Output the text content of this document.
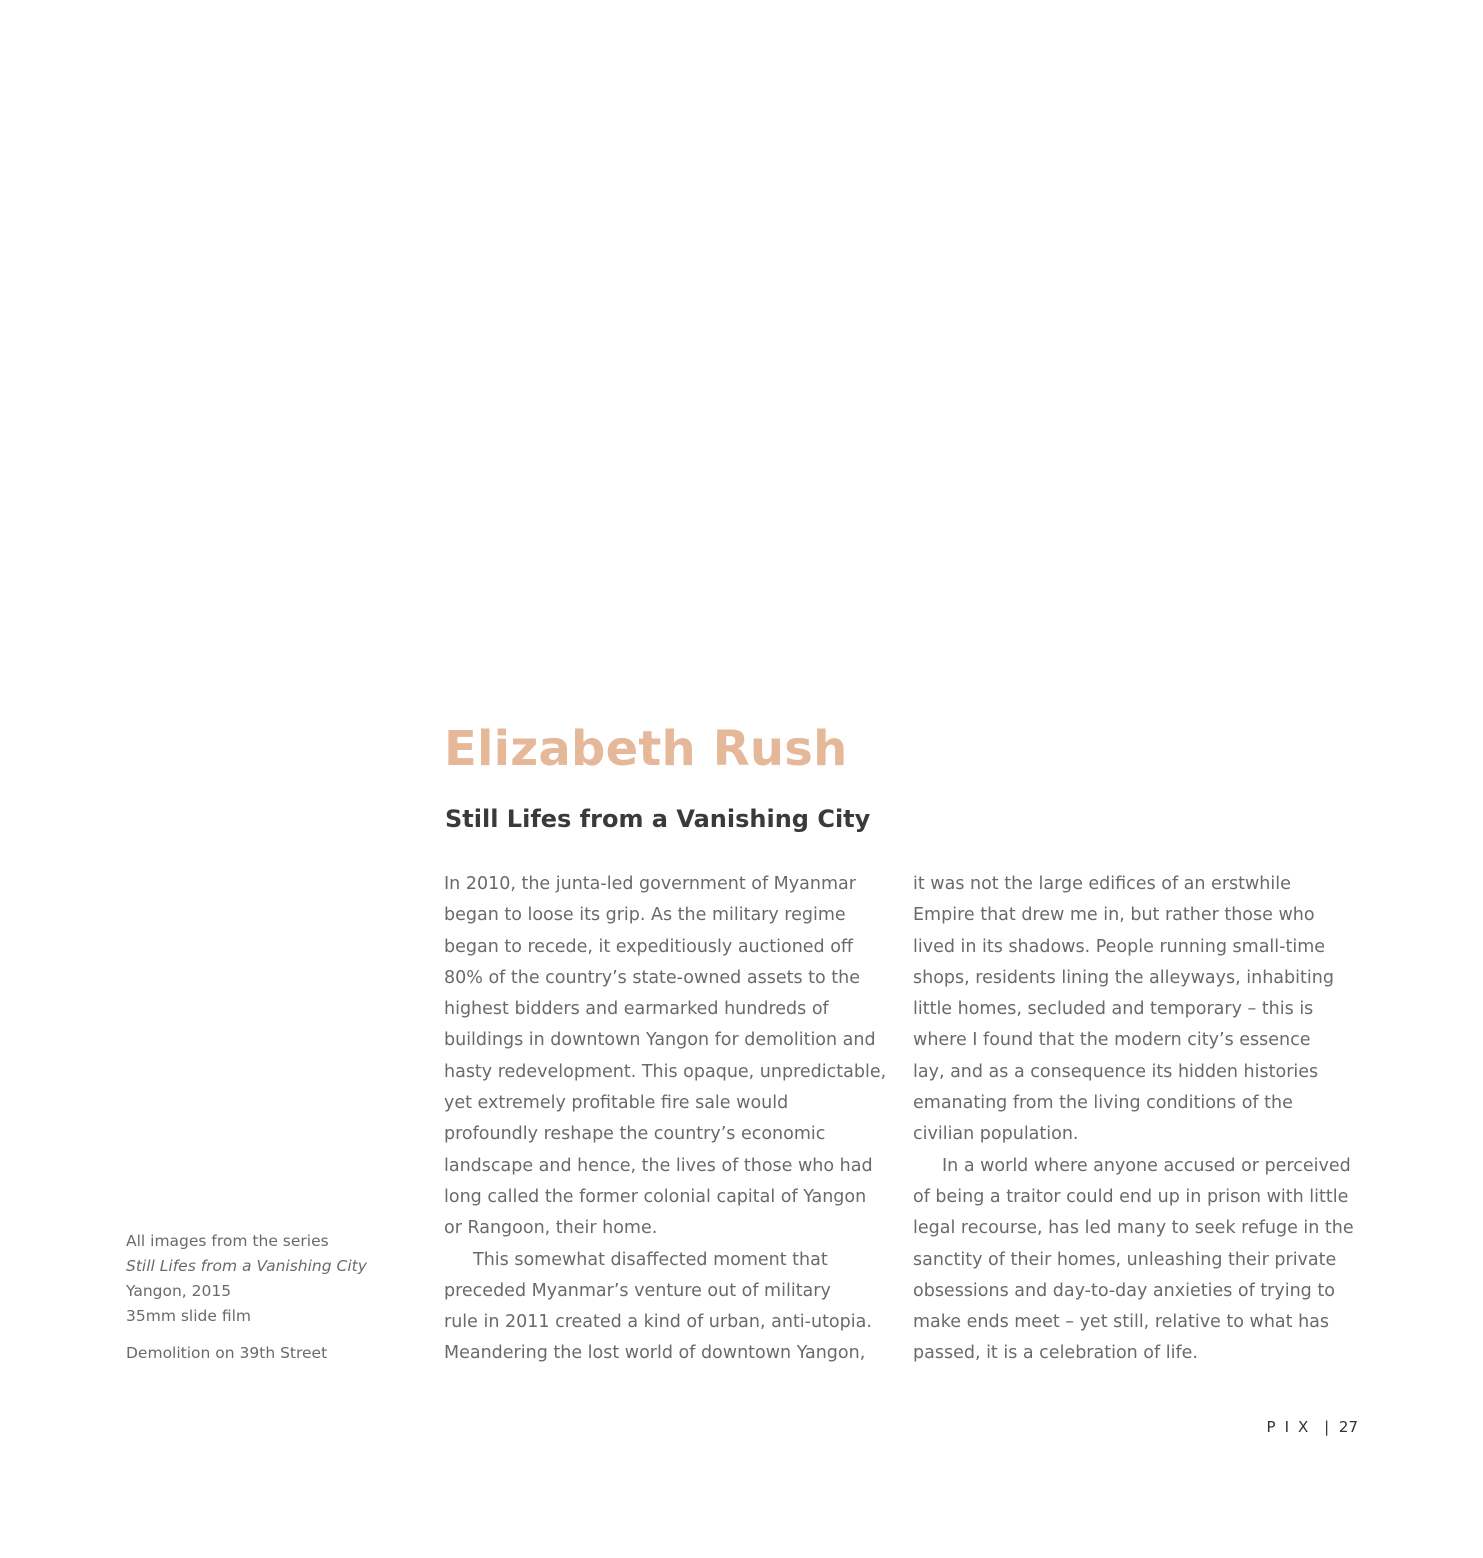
Elizabeth Rush
Still Lifes from a Vanishing City
In 2010, the junta-led government of Myanmar
began to loose its grip. As the military regime
began to recede, it expeditiously auctioned off
80% of the country’s state-owned assets to the
highest bidders and earmarked hundreds of
buildings in downtown Yangon for demolition and
hasty redevelopment. This opaque, unpredictable,
yet extremely profitable fire sale would
profoundly reshape the country’s economic
landscape and hence, the lives of those who had
long called the former colonial capital of Yangon
or Rangoon, their home.
This somewhat disaffected moment that
preceded Myanmar’s venture out of military
rule in 2011 created a kind of urban, anti-utopia.
Meandering the lost world of downtown Yangon,
it was not the large edifices of an erstwhile
Empire that drew me in, but rather those who
lived in its shadows. People running small-time
shops, residents lining the alleyways, inhabiting
little homes, secluded and temporary – this is
where I found that the modern city’s essence
lay, and as a consequence its hidden histories
emanating from the living conditions of the
civilian population.
In a world where anyone accused or perceived
of being a traitor could end up in prison with little
legal recourse, has led many to seek refuge in the
sanctity of their homes, unleashing their private
obsessions and day-to-day anxieties of trying to
make ends meet – yet still, relative to what has
passed, it is a celebration of life.
All images from the series
Still Lifes from a Vanishing City
Yangon, 2015
35mm slide film
Demolition on 39th Street
PIX | 27
